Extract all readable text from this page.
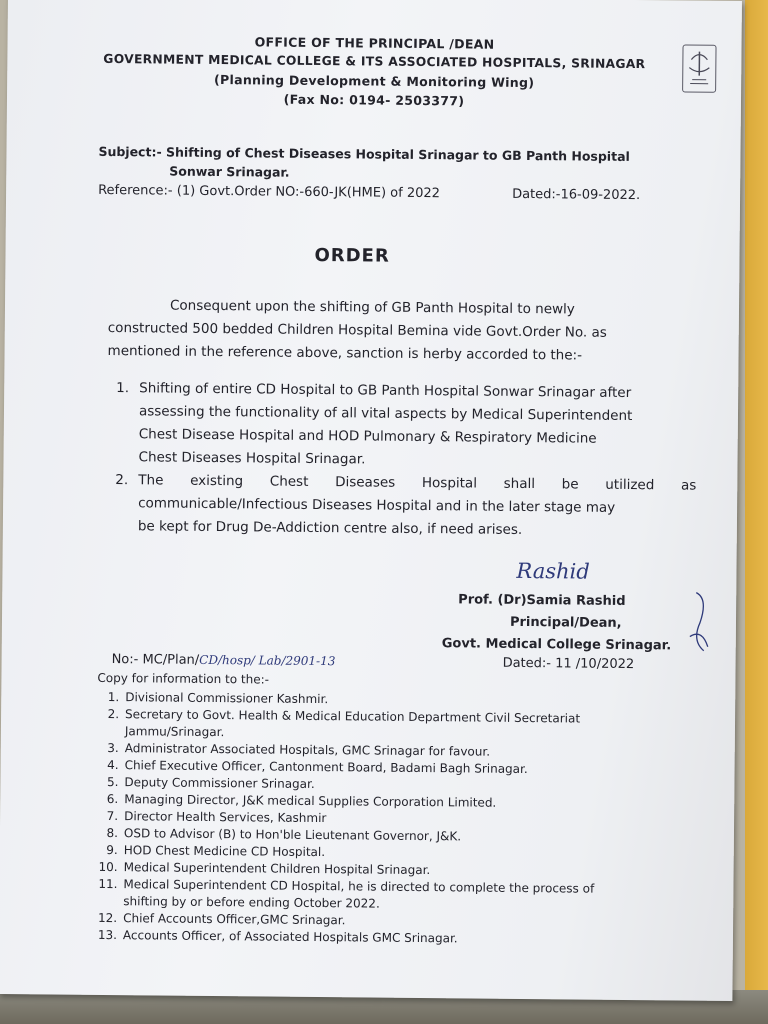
OFFICE OF THE PRINCIPAL /DEAN
GOVERNMENT MEDICAL COLLEGE & ITS ASSOCIATED HOSPITALS, SRINAGAR
(Planning Development & Monitoring Wing)
(Fax No: 0194- 2503377)
Subject:- Shifting of Chest Diseases Hospital Srinagar to GB Panth Hospital
Sonwar Srinagar.
Reference:- (1) Govt.Order NO:-660-JK(HME) of 2022	Dated:-16-09-2022.
ORDER
Consequent upon the shifting of GB Panth Hospital to newly
constructed 500 bedded Children Hospital Bemina vide Govt.Order No. as
mentioned in the reference above, sanction is herby accorded to the:-
1. Shifting of entire CD Hospital to GB Panth Hospital Sonwar Srinagar after
assessing the functionality of all vital aspects by Medical Superintendent
Chest Disease Hospital and HOD Pulmonary & Respiratory Medicine
Chest Diseases Hospital Srinagar.
2. The existing Chest Diseases Hospital shall be utilized as
communicable/Infectious Diseases Hospital and in the later stage may
be kept for Drug De-Addiction centre also, if need arises.
Rashid
Prof. (Dr)Samia Rashid
Principal/Dean,
Govt. Medical College Srinagar.
No:- MC/Plan/CD/hosp/ Lab/2901-13	Dated:- 11 /10/2022
Copy for information to the:-
1. Divisional Commissioner Kashmir.
2. Secretary to Govt. Health & Medical Education Department Civil Secretariat
Jammu/Srinagar.
3. Administrator Associated Hospitals, GMC Srinagar for favour.
4. Chief Executive Officer, Cantonment Board, Badami Bagh Srinagar.
5. Deputy Commissioner Srinagar.
6. Managing Director, J&K medical Supplies Corporation Limited.
7. Director Health Services, Kashmir
8. OSD to Advisor (B) to Hon'ble Lieutenant Governor, J&K.
9. HOD Chest Medicine CD Hospital.
10. Medical Superintendent Children Hospital Srinagar.
11. Medical Superintendent CD Hospital, he is directed to complete the process of
shifting by or before ending October 2022.
12. Chief Accounts Officer,GMC Srinagar.
13. Accounts Officer, of Associated Hospitals GMC Srinagar.
